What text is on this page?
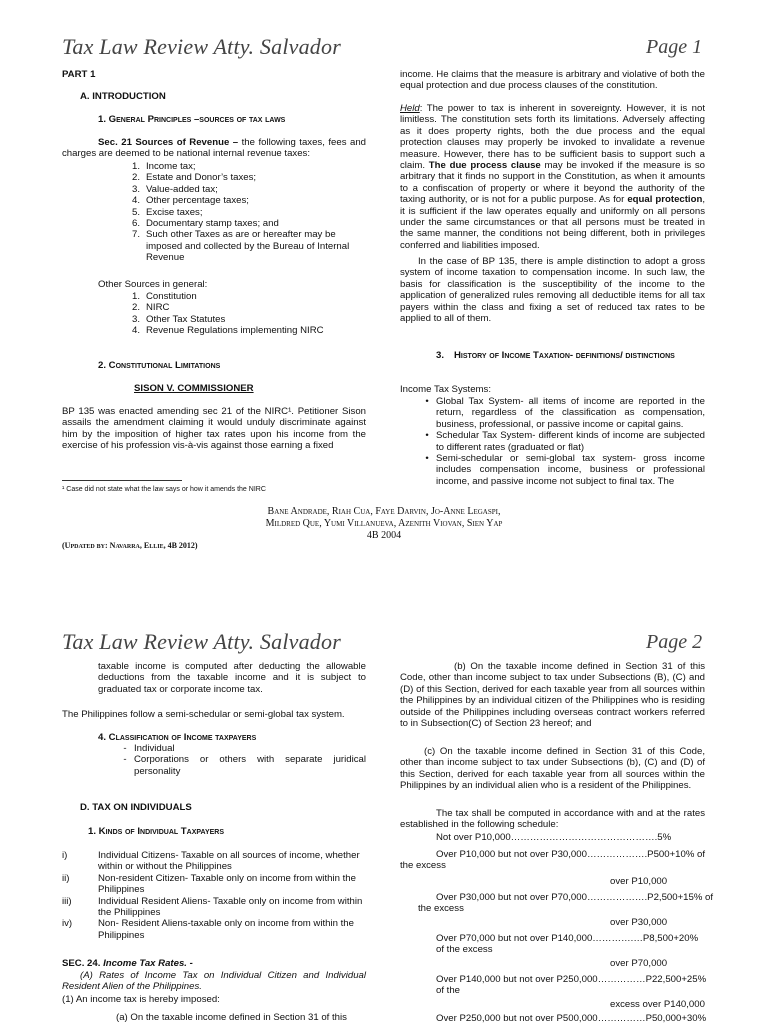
Tax Law Review Atty. Salvador	Page 1
PART 1
A. INTRODUCTION
1. General Principles –sources of tax laws
Sec. 21 Sources of Revenue – the following taxes, fees and charges are deemed to be national internal revenue taxes:
1. Income tax;
2. Estate and Donor’s taxes;
3. Value-added tax;
4. Other percentage taxes;
5. Excise taxes;
6. Documentary stamp taxes; and
7. Such other Taxes as are or hereafter may be imposed and collected by the Bureau of Internal Revenue
Other Sources in general:
1. Constitution
2. NIRC
3. Other Tax Statutes
4. Revenue Regulations implementing NIRC
2. Constitutional Limitations
SISON V. COMMISSIONER
BP 135 was enacted amending sec 21 of the NIRC¹. Petitioner Sison assails the amendment claiming it would unduly discriminate against him by the imposition of higher tax rates upon his income from the exercise of his profession vis-à-vis against those earning a fixed
¹ Case did not state what the law says or how it amends the NIRC
income. He claims that the measure is arbitrary and violative of both the equal protection and due process clauses of the constitution.
Held: The power to tax is inherent in sovereignty. However, it is not limitless. The constitution sets forth its limitations. Adversely affecting as it does property rights, both the due process and the equal protection clauses may properly be invoked to invalidate a revenue measure. However, there has to be sufficient basis to support such a claim. The due process clause may be invoked if the measure is so arbitrary that it finds no support in the Constitution, as when it amounts to a confiscation of property or where it beyond the authority of the taxing authority, or is not for a public purpose. As for equal protection, it is sufficient if the law operates equally and uniformly on all persons under the same circumstances or that all persons must be treated in the same manner, the conditions not being different, both in privileges conferred and liabilities imposed.
In the case of BP 135, there is ample distinction to adopt a gross system of income taxation to compensation income. In such law, the basis for classification is the susceptibility of the income to the application of generalized rules removing all deductible items for all tax payers within the class and fixing a set of reduced tax rates to be applied to all of them.
3. History of Income Taxation- definitions/ distinctions
Income Tax Systems:
• Global Tax System- all items of income are reported in the return, regardless of the classification as compensation, business, professional, or passive income or capital gains.
• Schedular Tax System- different kinds of income are subjected to different rates (graduated or flat)
• Semi-schedular or semi-global tax system- gross income includes compensation income, business or professional income, and passive income not subject to final tax. The
Bane Andrade, Riah Cua, Faye Darvin, Jo-Anne Legaspi,
Mildred Que, Yumi Villanueva, Azenith Viovan, Sien Yap
4B 2004
(Updated by: Navarra, Ellie, 4B 2012)
Tax Law Review Atty. Salvador	Page 2
taxable income is computed after deducting the allowable deductions from the taxable income and it is subject to graduated tax or corporate income tax.
The Philippines follow a semi-schedular or semi-global tax system.
4. Classification of Income taxpayers
- Individual
- Corporations or others with separate juridical personality
D. TAX ON INDIVIDUALS
1. Kinds of Individual Taxpayers
i)	Individual Citizens- Taxable on all sources of income, whether within or without the Philippines
ii)	Non-resident Citizen- Taxable only on income from within the Philippines
iii)	Individual Resident Aliens- Taxable only on income from within the Philippines
iv)	Non- Resident Aliens-taxable only on income from within the Philippines
SEC. 24. Income Tax Rates. -
(A) Rates of Income Tax on Individual Citizen and Individual Resident Alien of the Philippines.
(1) An income tax is hereby imposed:
(a) On the taxable income defined in Section 31 of this
(b) On the taxable income defined in Section 31 of this Code, other than income subject to tax under Subsections (B), (C) and (D) of this Section, derived for each taxable year from all sources within the Philippines by an individual citizen of the Philippines who is residing outside of the Philippines including overseas contract workers referred to in Subsection(C) of Section 23 hereof; and
(c) On the taxable income defined in Section 31 of this Code, other than income subject to tax under Subsections (b), (C) and (D) of this Section, derived for each taxable year from all sources within the Philippines by an individual alien who is a resident of the Philippines.
The tax shall be computed in accordance with and at the rates established in the following schedule:
Not over P10,000……………………………………….5%
Over P10,000 but not over P30,000……………….P500+10% of
the excess
over P10,000
Over P30,000 but not over P70,000……………….P2,500+15% of
the excess
over P30,000
Over P70,000 but not over P140,000………….…P8,500+20%
of the excess
over P70,000
Over P140,000 but not over P250,000……………P22,500+25%
of the
excess over P140,000
Over P250,000 but not over P500,000……………P50,000+30%
